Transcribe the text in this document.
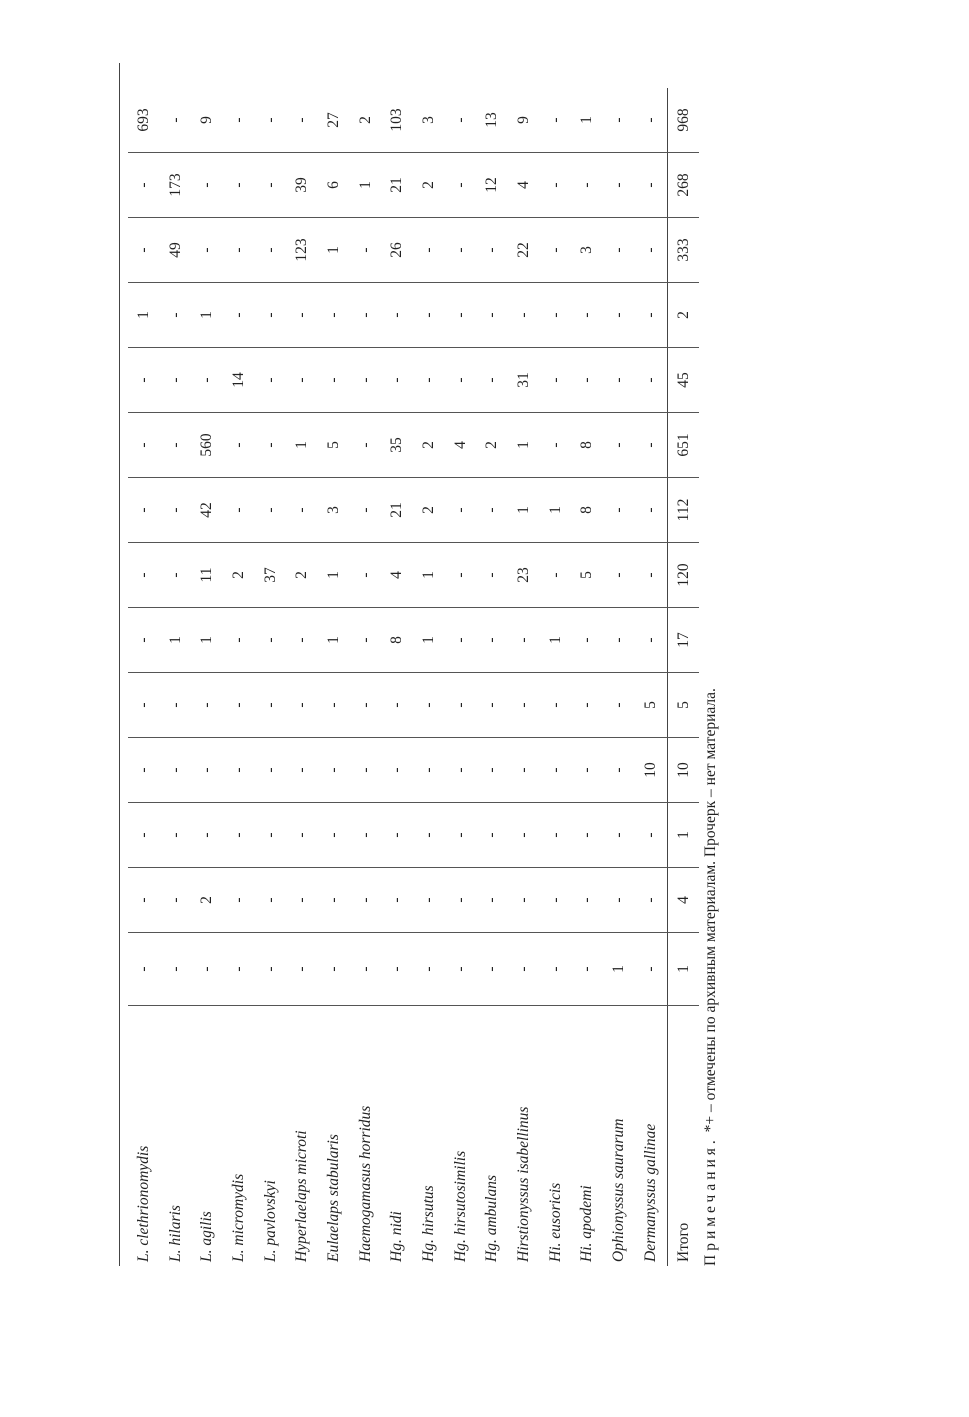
L. clethrionomydis	-	-	-	-	-	-	-	-	-	-	1	-	-	693
L. hilaris	-	-	-	-	-	1	-	-	-	-	-	49	173	-
L. agilis	-	2	-	-	-	1	11	42	560	-	1	-	-	9
L. micromydis	-	-	-	-	-	-	2	-	-	14	-	-	-	-
L. pavlovskyi	-	-	-	-	-	-	37	-	-	-	-	-	-	-
Hyperlaelaps microti	-	-	-	-	-	-	2	-	1	-	-	123	39	-
Eulaelaps stabularis	-	-	-	-	-	1	1	3	5	-	-	1	6	27
Haemogamasus horridus	-	-	-	-	-	-	-	-	-	-	-	-	1	2
Hg. nidi	-	-	-	-	-	8	4	21	35	-	-	26	21	103
Hg. hirsutus	-	-	-	-	-	1	1	2	2	-	-	-	2	3
Hg. hirsutosimilis	-	-	-	-	-	-	-	-	4	-	-	-	-	-
Hg. ambulans	-	-	-	-	-	-	-	-	2	-	-	-	12	13
Hirstionyssus isabellinus	-	-	-	-	-	-	23	1	1	31	-	22	4	9
Hi. eusoricis	-	-	-	-	-	1	-	1	-	-	-	-	-	-
Hi. apodemi	-	-	-	-	-	-	5	8	8	-	-	3	-	1
Ophionyssus saurarum	1	-	-	-	-	-	-	-	-	-	-	-	-	-
Dermanyssus gallinae	-	-	-	10	5	-	-	-	-	-	-	-	-	-
Итого	1	4	1	10	5	17	120	112	651	45	2	333	268	968
Примечания. *+ – отмечены по архивным материалам. Прочерк – нет материала.
